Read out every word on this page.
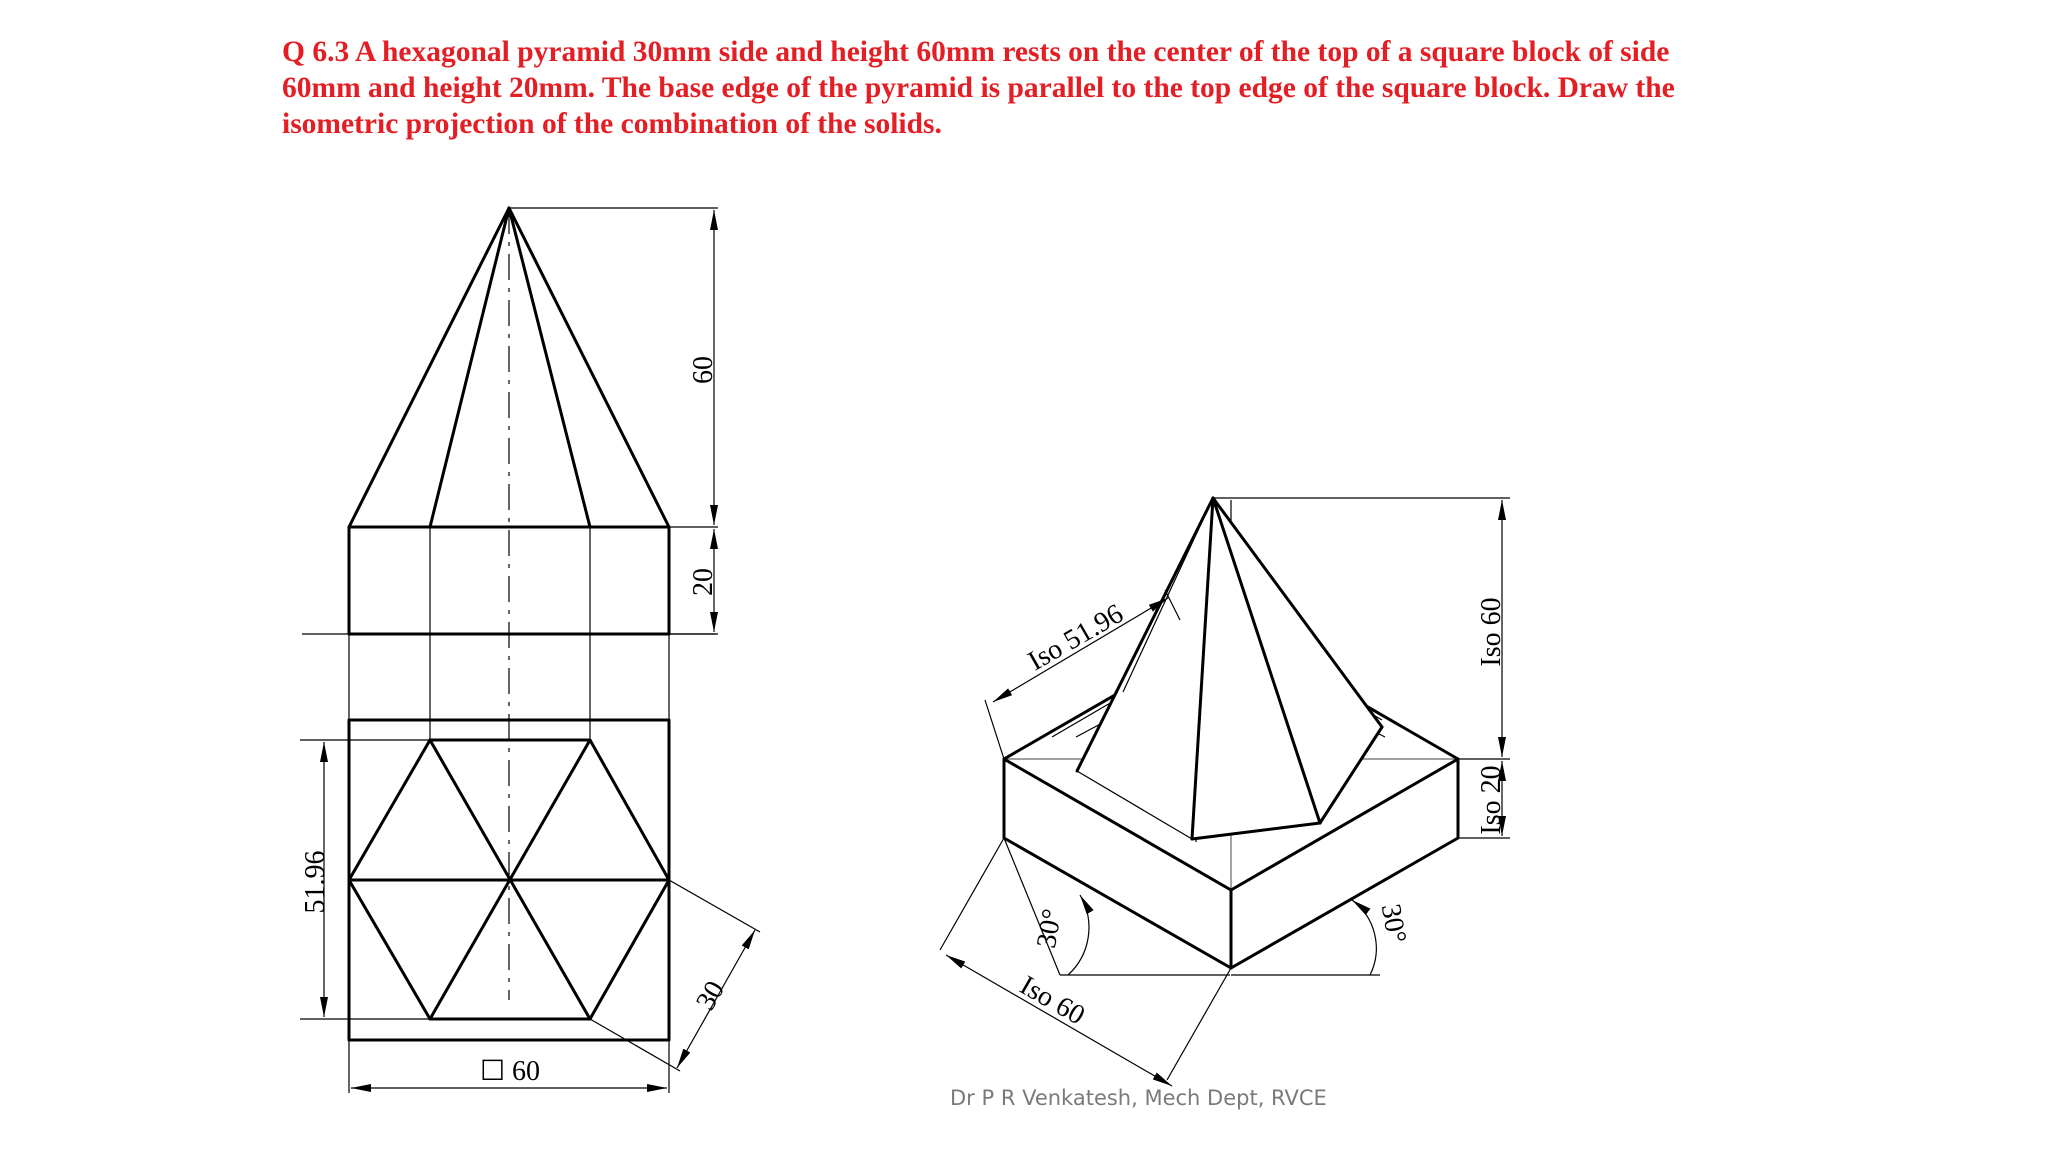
Q 6.3 A hexagonal pyramid 30mm side and height 60mm rests on the center of the top of a square block of side
60mm and height 20mm. The base edge of the pyramid is parallel to the top edge of the square block. Draw the
isometric projection of the combination of the solids.
60
20
51.96
30
☐ 60
Iso 51.96	Iso 60
Iso 20
Iso 60
30°	30°
Dr P R Venkatesh, Mech Dept, RVCE
